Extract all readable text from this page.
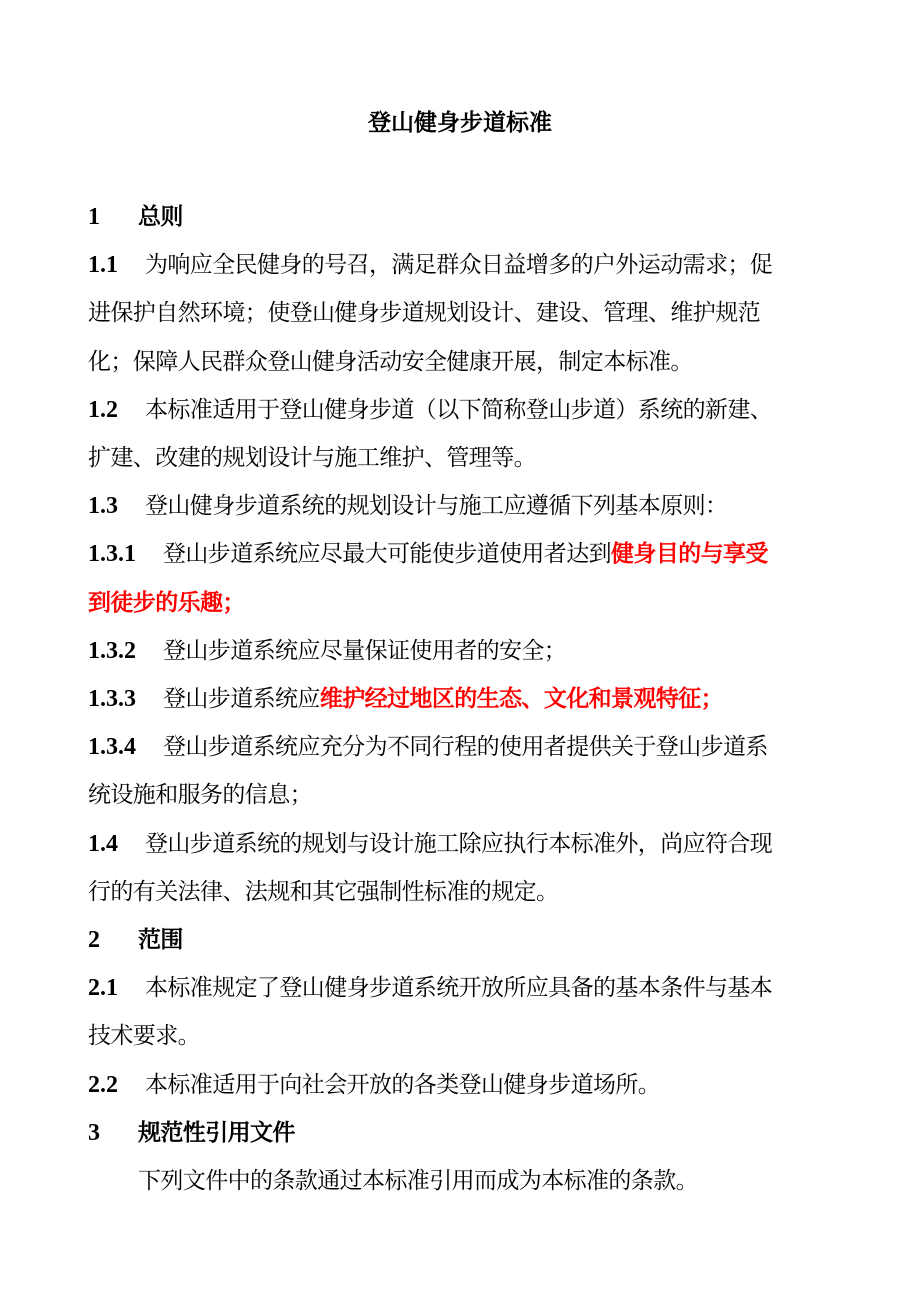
登山健身步道标准
1 总则
1.1 为响应全民健身的号召，满足群众日益增多的户外运动需求；促
进保护自然环境；使登山健身步道规划设计、建设、管理、维护规范
化；保障人民群众登山健身活动安全健康开展，制定本标准。
1.2 本标准适用于登山健身步道（以下简称登山步道）系统的新建、
扩建、改建的规划设计与施工维护、管理等。
1.3 登山健身步道系统的规划设计与施工应遵循下列基本原则：
1.3.1 登山步道系统应尽最大可能使步道使用者达到健身目的与享受
到徒步的乐趣；
1.3.2 登山步道系统应尽量保证使用者的安全；
1.3.3 登山步道系统应维护经过地区的生态、文化和景观特征；
1.3.4 登山步道系统应充分为不同行程的使用者提供关于登山步道系
统设施和服务的信息；
1.4 登山步道系统的规划与设计施工除应执行本标准外，尚应符合现
行的有关法律、法规和其它强制性标准的规定。
2 范围
2.1 本标准规定了登山健身步道系统开放所应具备的基本条件与基本
技术要求。
2.2 本标准适用于向社会开放的各类登山健身步道场所。
3 规范性引用文件
下列文件中的条款通过本标准引用而成为本标准的条款。
